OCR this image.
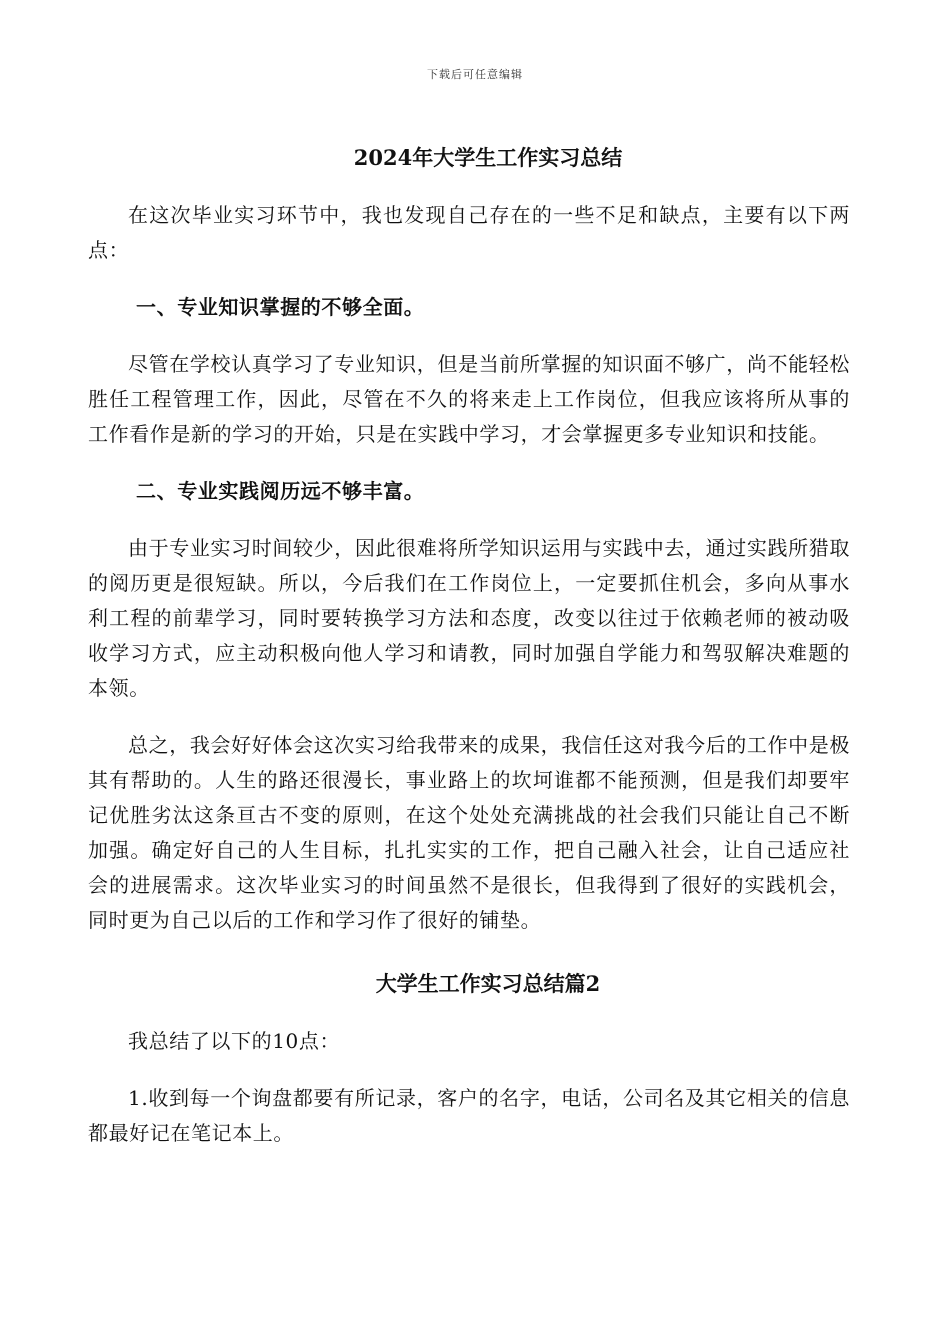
下载后可任意编辑
2024年大学生工作实习总结

在这次毕业实习环节中，我也发现自己存在的一些不足和缺点，主要有以下两点：

一、专业知识掌握的不够全面。

尽管在学校认真学习了专业知识，但是当前所掌握的知识面不够广，尚不能轻松胜任工程管理工作，因此，尽管在不久的将来走上工作岗位，但我应该将所从事的工作看作是新的学习的开始，只是在实践中学习，才会掌握更多专业知识和技能。

二、专业实践阅历远不够丰富。

由于专业实习时间较少，因此很难将所学知识运用与实践中去，通过实践所猎取的阅历更是很短缺。所以，今后我们在工作岗位上，一定要抓住机会，多向从事水利工程的前辈学习，同时要转换学习方法和态度，改变以往过于依赖老师的被动吸收学习方式，应主动积极向他人学习和请教，同时加强自学能力和驾驭解决难题的本领。

总之，我会好好体会这次实习给我带来的成果，我信任这对我今后的工作中是极其有帮助的。人生的路还很漫长，事业路上的坎坷谁都不能预测，但是我们却要牢记优胜劣汰这条亘古不变的原则，在这个处处充满挑战的社会我们只能让自己不断加强。确定好自己的人生目标，扎扎实实的工作，把自己融入社会，让自己适应社会的进展需求。这次毕业实习的时间虽然不是很长，但我得到了很好的实践机会，同时更为自己以后的工作和学习作了很好的铺垫。

大学生工作实习总结篇2

我总结了以下的10点：

1.收到每一个询盘都要有所记录，客户的名字，电话，公司名及其它相关的信息都最好记在笔记本上。
